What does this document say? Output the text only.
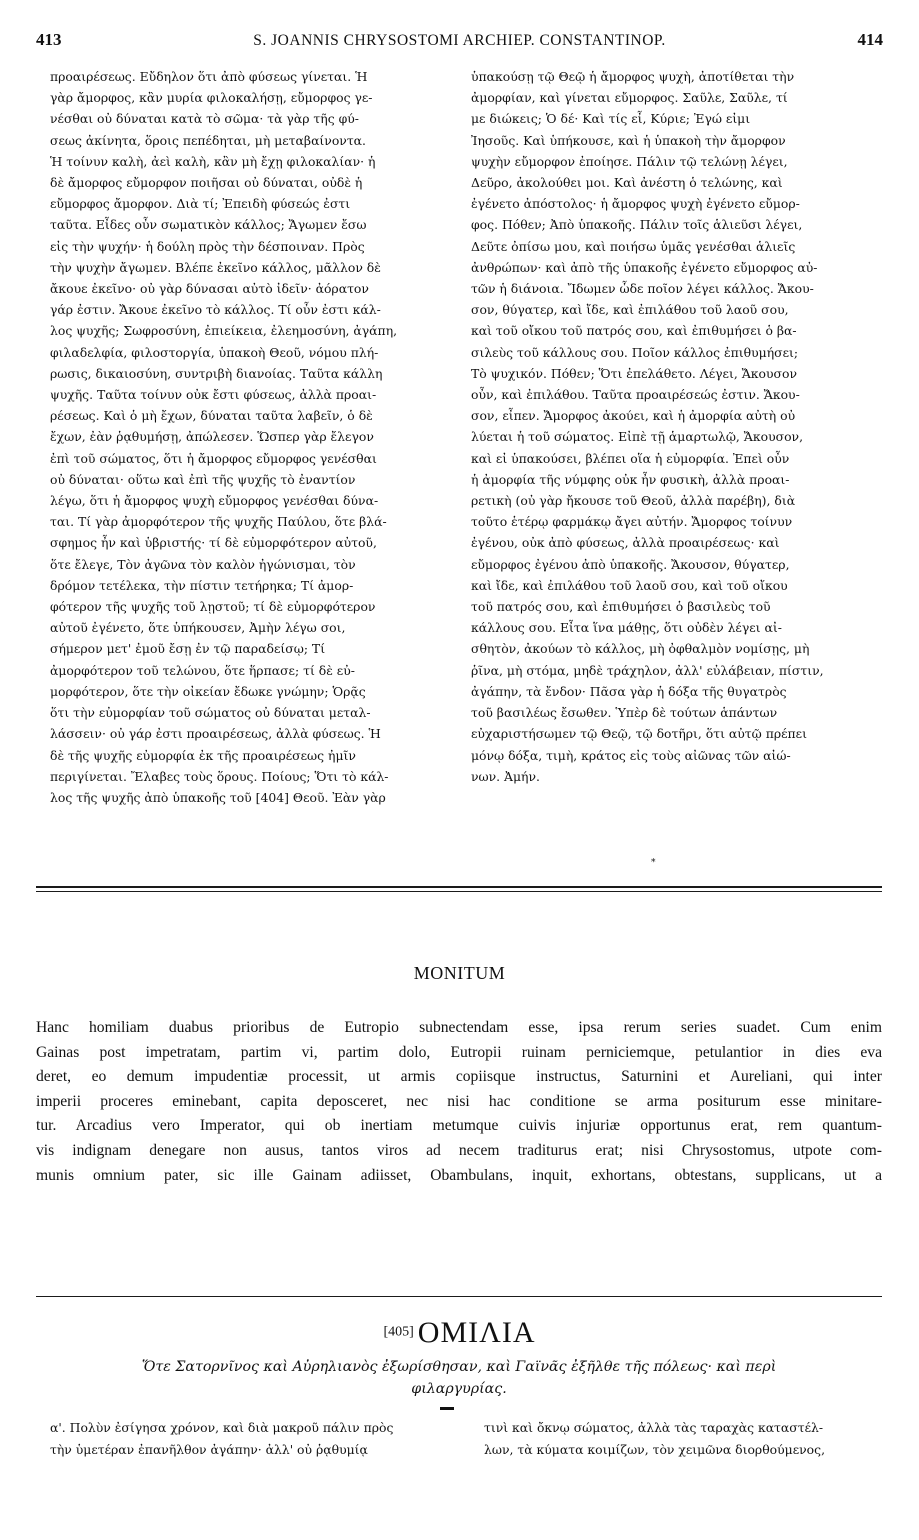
413	S. JOANNIS CHRYSOSTOMI ARCHIEP. CONSTANTINOP.	414

προαιρέσεως. Εὔδηλον ὅτι ἀπὸ φύσεως γίνεται. Ἡ
γὰρ ἄμορφος, κἂν μυρία φιλοκαλήσῃ, εὔμορφος γε-
νέσθαι οὐ δύναται κατὰ τὸ σῶμα· τὰ γὰρ τῆς φύ-
σεως ἀκίνητα, ὅροις πεπέδηται, μὴ μεταβαίνοντα.
Ἡ τοίνυν καλὴ, ἀεὶ καλὴ, κἂν μὴ ἔχῃ φιλοκαλίαν· ἡ
δὲ ἄμορφος εὔμορφον ποιῆσαι οὐ δύναται, οὐδὲ ἡ
εὔμορφος ἄμορφον. Διὰ τί; Ἐπειδὴ φύσεώς ἐστι
ταῦτα. Εἶδες οὖν σωματικὸν κάλλος; Ἄγωμεν ἔσω
εἰς τὴν ψυχήν· ἡ δούλη πρὸς τὴν δέσποιναν. Πρὸς
τὴν ψυχὴν ἄγωμεν. Βλέπε ἐκεῖνο κάλλος, μᾶλλον δὲ
ἄκουε ἐκεῖνο· οὐ γὰρ δύνασαι αὐτὸ ἰδεῖν· ἀόρατον
γάρ ἐστιν. Ἄκουε ἐκεῖνο τὸ κάλλος. Τί οὖν ἐστι κάλ-
λος ψυχῆς; Σωφροσύνη, ἐπιείκεια, ἐλεημοσύνη, ἀγάπη,
φιλαδελφία, φιλοστοργία, ὑπακοὴ Θεοῦ, νόμου πλή-
ρωσις, δικαιοσύνη, συντριβὴ διανοίας. Ταῦτα κάλλη
ψυχῆς. Ταῦτα τοίνυν οὐκ ἔστι φύσεως, ἀλλὰ προαι-
ρέσεως. Καὶ ὁ μὴ ἔχων, δύναται ταῦτα λαβεῖν, ὁ δὲ
ἔχων, ἐὰν ῥᾳθυμήσῃ, ἀπώλεσεν. Ὥσπερ γὰρ ἔλεγον
ἐπὶ τοῦ σώματος, ὅτι ἡ ἄμορφος εὔμορφος γενέσθαι
οὐ δύναται· οὕτω καὶ ἐπὶ τῆς ψυχῆς τὸ ἐναντίον
λέγω, ὅτι ἡ ἄμορφος ψυχὴ εὔμορφος γενέσθαι δύνα-
ται. Τί γὰρ ἀμορφότερον τῆς ψυχῆς Παύλου, ὅτε βλά-
σφημος ἦν καὶ ὑβριστής· τί δὲ εὐμορφότερον αὐτοῦ,
ὅτε ἔλεγε, Τὸν ἀγῶνα τὸν καλὸν ἠγώνισμαι, τὸν
δρόμον τετέλεκα, τὴν πίστιν τετήρηκα; Τί ἀμορ-
φότερον τῆς ψυχῆς τοῦ λῃστοῦ; τί δὲ εὐμορφότερον
αὐτοῦ ἐγένετο, ὅτε ὑπήκουσεν, Ἀμὴν λέγω σοι,
σήμερον μετ' ἐμοῦ ἔσῃ ἐν τῷ παραδείσῳ; Τί
ἀμορφότερον τοῦ τελώνου, ὅτε ἥρπασε; τί δὲ εὐ-
μορφότερον, ὅτε τὴν οἰκείαν ἔδωκε γνώμην; Ὁρᾷς
ὅτι τὴν εὐμορφίαν τοῦ σώματος οὐ δύναται μεταλ-
λάσσειν· οὐ γάρ ἐστι προαιρέσεως, ἀλλὰ φύσεως. Ἡ
δὲ τῆς ψυχῆς εὐμορφία ἐκ τῆς προαιρέσεως ἠμῖν
περιγίνεται. Ἔλαβες τοὺς ὅρους. Ποίους; Ὅτι τὸ κάλ-
λος τῆς ψυχῆς ἀπὸ ὑπακοῆς τοῦ [404] Θεοῦ. Ἐὰν γὰρ

ὑπακούσῃ τῷ Θεῷ ἡ ἄμορφος ψυχὴ, ἀποτίθεται τὴν
ἀμορφίαν, καὶ γίνεται εὔμορφος. Σαῦλε, Σαῦλε, τί
με διώκεις; Ὁ δέ· Καὶ τίς εἶ, Κύριε; Ἐγώ εἰμι
Ἰησοῦς. Καὶ ὑπήκουσε, καὶ ἡ ὑπακοὴ τὴν ἄμορφον
ψυχὴν εὔμορφον ἐποίησε. Πάλιν τῷ τελώνῃ λέγει,
Δεῦρο, ἀκολούθει μοι. Καὶ ἀνέστη ὁ τελώνης, καὶ
ἐγένετο ἀπόστολος· ἡ ἄμορφος ψυχὴ ἐγένετο εὔμορ-
φος. Πόθεν; Ἀπὸ ὑπακοῆς. Πάλιν τοῖς ἁλιεῦσι λέγει,
Δεῦτε ὀπίσω μου, καὶ ποιήσω ὑμᾶς γενέσθαι ἁλιεῖς
ἀνθρώπων· καὶ ἀπὸ τῆς ὑπακοῆς ἐγένετο εὔμορφος αὐ-
τῶν ἡ διάνοια. Ἴδωμεν ὧδε ποῖον λέγει κάλλος. Ἄκου-
σον, θύγατερ, καὶ ἴδε, καὶ ἐπιλάθου τοῦ λαοῦ σου,
καὶ τοῦ οἴκου τοῦ πατρός σου, καὶ ἐπιθυμήσει ὁ βα-
σιλεὺς τοῦ κάλλους σου. Ποῖον κάλλος ἐπιθυμήσει;
Τὸ ψυχικόν. Πόθεν; Ὅτι ἐπελάθετο. Λέγει, Ἄκουσον
οὖν, καὶ ἐπιλάθου. Ταῦτα προαιρέσεώς ἐστιν. Ἄκου-
σον, εἶπεν. Ἄμορφος ἀκούει, καὶ ἡ ἀμορφία αὐτὴ οὐ
λύεται ἡ τοῦ σώματος. Εἰπὲ τῇ ἁμαρτωλῷ, Ἄκουσον,
καὶ εἰ ὑπακούσει, βλέπει οἵα ἡ εὐμορφία. Ἐπεὶ οὖν
ἡ ἀμορφία τῆς νύμφης οὐκ ἦν φυσικὴ, ἀλλὰ προαι-
ρετικὴ (οὐ γὰρ ἤκουσε τοῦ Θεοῦ, ἀλλὰ παρέβη), διὰ
τοῦτο ἑτέρῳ φαρμάκῳ ἄγει αὐτήν. Ἄμορφος τοίνυν
ἐγένου, οὐκ ἀπὸ φύσεως, ἀλλὰ προαιρέσεως· καὶ
εὔμορφος ἐγένου ἀπὸ ὑπακοῆς. Ἄκουσον, θύγατερ,
καὶ ἴδε, καὶ ἐπιλάθου τοῦ λαοῦ σου, καὶ τοῦ οἴκου
τοῦ πατρός σου, καὶ ἐπιθυμήσει ὁ βασιλεὺς τοῦ
κάλλους σου. Εἶτα ἵνα μάθῃς, ὅτι οὐδὲν λέγει αἰ-
σθητὸν, ἀκούων τὸ κάλλος, μὴ ὀφθαλμὸν νομίσῃς, μὴ
ῥῖνα, μὴ στόμα, μηδὲ τράχηλον, ἀλλ' εὐλάβειαν, πίστιν,
ἀγάπην, τὰ ἔνδον· Πᾶσα γὰρ ἡ δόξα τῆς θυγατρὸς
τοῦ βασιλέως ἔσωθεν. Ὑπὲρ δὲ τούτων ἁπάντων
εὐχαριστήσωμεν τῷ Θεῷ, τῷ δοτῆρι, ὅτι αὐτῷ πρέπει
μόνῳ δόξα, τιμὴ, κράτος εἰς τοὺς αἰῶνας τῶν αἰώ-
νων. Ἀμήν.

*
MONITUM
Hanc homiliam duabus prioribus de Eutropio subnectendam esse, ipsa rerum series suadet. Cum enim
Gainas post impetratam, partim vi, partim dolo, Eutropii ruinam perniciemque, petulantior in dies eva
deret, eo demum impudentiæ processit, ut armis copiisque instructus, Saturnini et Aureliani, qui inter
imperii proceres eminebant, capita deposceret, nec nisi hac conditione se arma positurum esse minitare-
tur. Arcadius vero Imperator, qui ob inertiam metumque cuivis injuriæ opportunus erat, rem quantum-
vis indignam denegare non ausus, tantos viros ad necem traditurus erat; nisi Chrysostomus, utpote com-
munis omnium pater, sic ille Gainam adiisset, Obambulans, inquit, exhortans, obtestans, supplicans, ut a
[405] ΟΜΙΛΙΑ
Ὅτε Σατορνῖνος καὶ Αὐρηλιανὸς ἐξωρίσθησαν, καὶ Γαϊνᾶς ἐξῆλθε τῆς πόλεως· καὶ περὶ
φιλαργυρίας.
α'. Πολὺν ἐσίγησα χρόνον, καὶ διὰ μακροῦ πάλιν πρὸς
τὴν ὑμετέραν ἐπανῆλθον ἀγάπην· ἀλλ' οὐ ῥᾳθυμίᾳ
τινὶ καὶ ὄκνῳ σώματος, ἀλλὰ τὰς ταραχὰς καταστέλ-
λων, τὰ κύματα κοιμίζων, τὸν χειμῶνα διορθούμενος,
